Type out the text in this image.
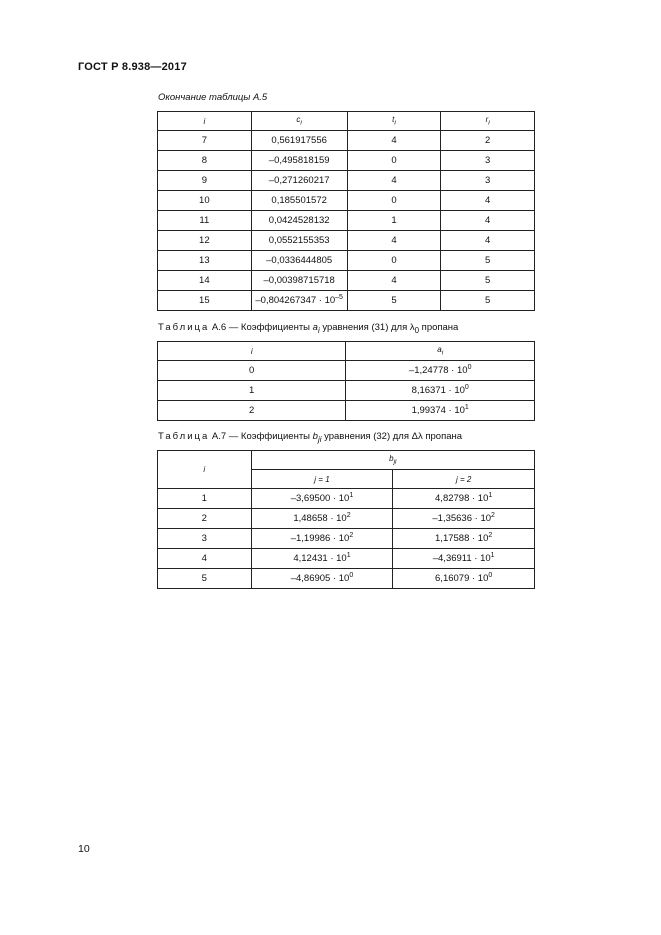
ГОСТ Р 8.938—2017
Окончание таблицы А.5
i	$c_i$	$t_i$	$r_i$
7	0,561917556	4	2
8	–0,495818159	0	3
9	–0,271260217	4	3
10	0,185501572	0	4
11	0,0424528132	1	4
12	0,0552155353	4	4
13	–0,0336444805	0	5
14	–0,00398715718	4	5
15	$-0,804267347 \cdot 10^{-5}$	5	5
Таблица А.6 — Коэффициенты $a_i$ уравнения (31) для $\lambda_0$ пропана
i	$a_i$
0	$-1,24778 \cdot 10^0$
1	$8,16371 \cdot 10^0$
2	$1,99374 \cdot 10^1$
Таблица А.7 — Коэффициенты $b_{ji}$ уравнения (32) для Δλ пропана
i	$b_{ji}$
	j = 1	j = 2
1	$-3,69500 \cdot 10^1$	$4,82798 \cdot 10^1$
2	$1,48658 \cdot 10^2$	$-1,35636 \cdot 10^2$
3	$-1,19986 \cdot 10^2$	$1,17588 \cdot 10^2$
4	$4,12431 \cdot 10^1$	$-4,36911 \cdot 10^1$
5	$-4,86905 \cdot 10^0$	$6,16079 \cdot 10^0$
10
